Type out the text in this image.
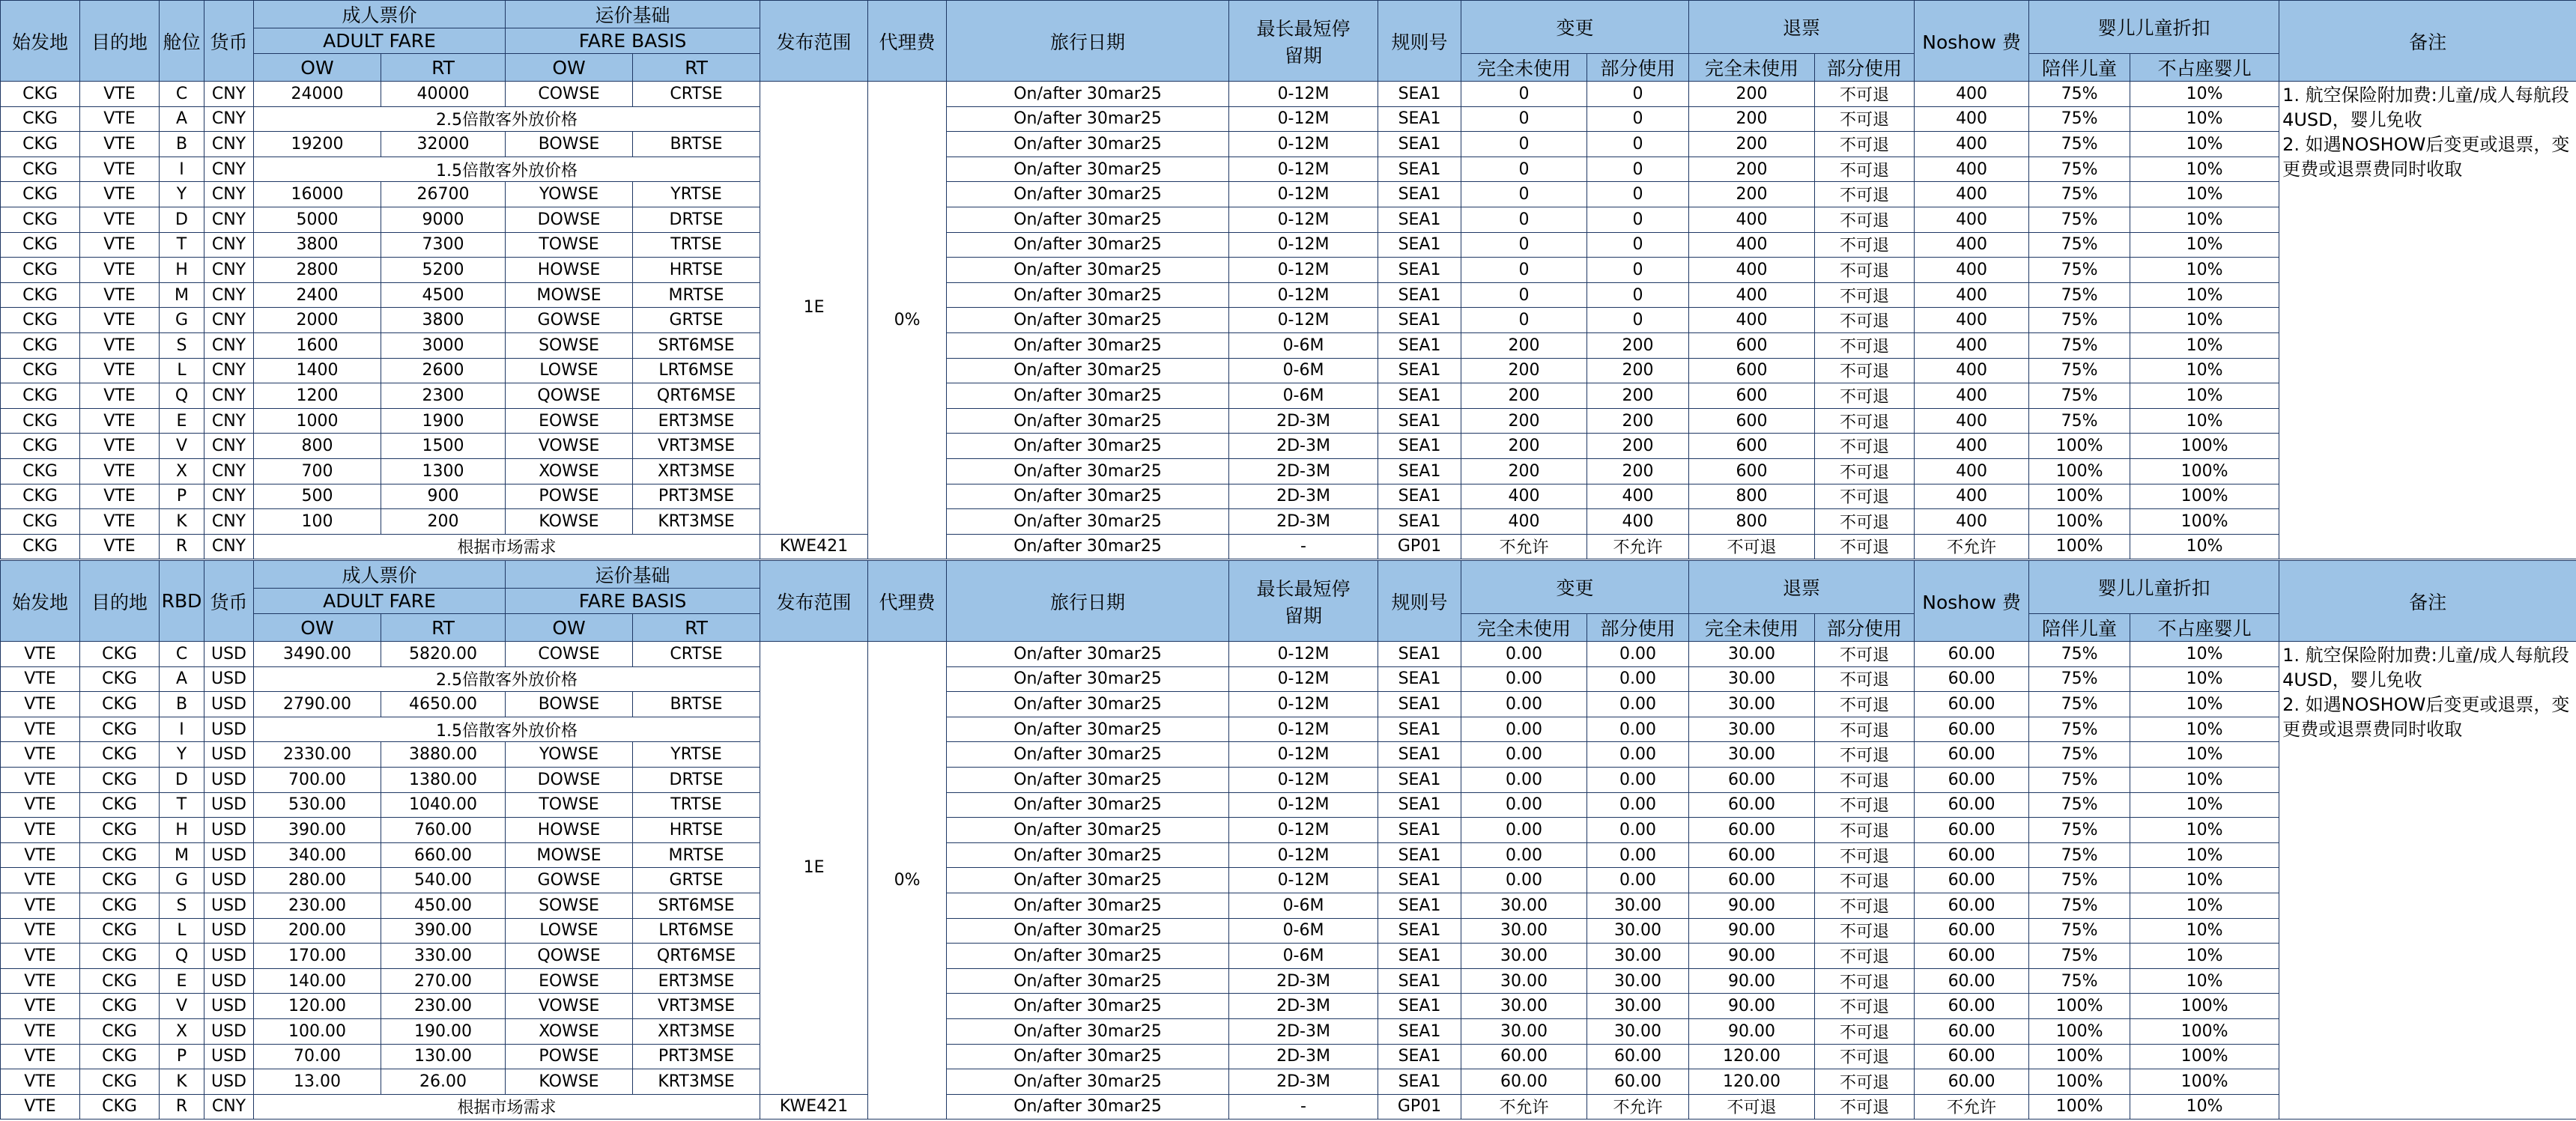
始发地	目的地	舱位	货币	成人票价		运价基础		发布范围	代理费	旅行日期	最长最短停
留期	规则号	变更		退票		Noshow 费	婴儿儿童折扣		备注
				ADULT FARE		FARE BASIS														
				OW	RT	OW	RT						完全未使用	部分使用	完全未使用	部分使用		陪伴儿童	不占座婴儿	
CKG	VTE	C	CNY	24000	40000	COWSE	CRTSE	1E	0%	On/after 30mar25	0-12M	SEA1	0	0	200	不可退	400	75%	10%	1. 航空保险附加费:儿童/成人每航段4USD，婴儿免收
2. 如遇NOSHOW后变更或退票，变更费或退票费同时收取
CKG	VTE	A	CNY	2.5倍散客外放价格						On/after 30mar25	0-12M	SEA1	0	0	200	不可退	400	75%	10%	
CKG	VTE	B	CNY	19200	32000	BOWSE	BRTSE			On/after 30mar25	0-12M	SEA1	0	0	200	不可退	400	75%	10%	
CKG	VTE	I	CNY	1.5倍散客外放价格						On/after 30mar25	0-12M	SEA1	0	0	200	不可退	400	75%	10%	
CKG	VTE	Y	CNY	16000	26700	YOWSE	YRTSE			On/after 30mar25	0-12M	SEA1	0	0	200	不可退	400	75%	10%	
CKG	VTE	D	CNY	5000	9000	DOWSE	DRTSE			On/after 30mar25	0-12M	SEA1	0	0	400	不可退	400	75%	10%	
CKG	VTE	T	CNY	3800	7300	TOWSE	TRTSE			On/after 30mar25	0-12M	SEA1	0	0	400	不可退	400	75%	10%	
CKG	VTE	H	CNY	2800	5200	HOWSE	HRTSE			On/after 30mar25	0-12M	SEA1	0	0	400	不可退	400	75%	10%	
CKG	VTE	M	CNY	2400	4500	MOWSE	MRTSE			On/after 30mar25	0-12M	SEA1	0	0	400	不可退	400	75%	10%	
CKG	VTE	G	CNY	2000	3800	GOWSE	GRTSE			On/after 30mar25	0-12M	SEA1	0	0	400	不可退	400	75%	10%	
CKG	VTE	S	CNY	1600	3000	SOWSE	SRT6MSE			On/after 30mar25	0-6M	SEA1	200	200	600	不可退	400	75%	10%	
CKG	VTE	L	CNY	1400	2600	LOWSE	LRT6MSE			On/after 30mar25	0-6M	SEA1	200	200	600	不可退	400	75%	10%	
CKG	VTE	Q	CNY	1200	2300	QOWSE	QRT6MSE			On/after 30mar25	0-6M	SEA1	200	200	600	不可退	400	75%	10%	
CKG	VTE	E	CNY	1000	1900	EOWSE	ERT3MSE			On/after 30mar25	2D-3M	SEA1	200	200	600	不可退	400	75%	10%	
CKG	VTE	V	CNY	800	1500	VOWSE	VRT3MSE			On/after 30mar25	2D-3M	SEA1	200	200	600	不可退	400	100%	100%	
CKG	VTE	X	CNY	700	1300	XOWSE	XRT3MSE			On/after 30mar25	2D-3M	SEA1	200	200	600	不可退	400	100%	100%	
CKG	VTE	P	CNY	500	900	POWSE	PRT3MSE			On/after 30mar25	2D-3M	SEA1	400	400	800	不可退	400	100%	100%	
CKG	VTE	K	CNY	100	200	KOWSE	KRT3MSE			On/after 30mar25	2D-3M	SEA1	400	400	800	不可退	400	100%	100%	
CKG	VTE	R	CNY	根据市场需求				KWE421		On/after 30mar25	-	GP01	不允许	不允许	不可退	不可退	不允许	100%	10%	
始发地	目的地	RBD	货币	成人票价		运价基础		发布范围	代理费	旅行日期	最长最短停
留期	规则号	变更		退票		Noshow 费	婴儿儿童折扣		备注
				ADULT FARE		FARE BASIS														
				OW	RT	OW	RT						完全未使用	部分使用	完全未使用	部分使用		陪伴儿童	不占座婴儿	
VTE	CKG	C	USD	3490.00	5820.00	COWSE	CRTSE	1E	0%	On/after 30mar25	0-12M	SEA1	0.00	0.00	30.00	不可退	60.00	75%	10%	1. 航空保险附加费:儿童/成人每航段4USD，婴儿免收
2. 如遇NOSHOW后变更或退票，变更费或退票费同时收取
VTE	CKG	A	USD	2.5倍散客外放价格						On/after 30mar25	0-12M	SEA1	0.00	0.00	30.00	不可退	60.00	75%	10%	
VTE	CKG	B	USD	2790.00	4650.00	BOWSE	BRTSE			On/after 30mar25	0-12M	SEA1	0.00	0.00	30.00	不可退	60.00	75%	10%	
VTE	CKG	I	USD	1.5倍散客外放价格						On/after 30mar25	0-12M	SEA1	0.00	0.00	30.00	不可退	60.00	75%	10%	
VTE	CKG	Y	USD	2330.00	3880.00	YOWSE	YRTSE			On/after 30mar25	0-12M	SEA1	0.00	0.00	30.00	不可退	60.00	75%	10%	
VTE	CKG	D	USD	700.00	1380.00	DOWSE	DRTSE			On/after 30mar25	0-12M	SEA1	0.00	0.00	60.00	不可退	60.00	75%	10%	
VTE	CKG	T	USD	530.00	1040.00	TOWSE	TRTSE			On/after 30mar25	0-12M	SEA1	0.00	0.00	60.00	不可退	60.00	75%	10%	
VTE	CKG	H	USD	390.00	760.00	HOWSE	HRTSE			On/after 30mar25	0-12M	SEA1	0.00	0.00	60.00	不可退	60.00	75%	10%	
VTE	CKG	M	USD	340.00	660.00	MOWSE	MRTSE			On/after 30mar25	0-12M	SEA1	0.00	0.00	60.00	不可退	60.00	75%	10%	
VTE	CKG	G	USD	280.00	540.00	GOWSE	GRTSE			On/after 30mar25	0-12M	SEA1	0.00	0.00	60.00	不可退	60.00	75%	10%	
VTE	CKG	S	USD	230.00	450.00	SOWSE	SRT6MSE			On/after 30mar25	0-6M	SEA1	30.00	30.00	90.00	不可退	60.00	75%	10%	
VTE	CKG	L	USD	200.00	390.00	LOWSE	LRT6MSE			On/after 30mar25	0-6M	SEA1	30.00	30.00	90.00	不可退	60.00	75%	10%	
VTE	CKG	Q	USD	170.00	330.00	QOWSE	QRT6MSE			On/after 30mar25	0-6M	SEA1	30.00	30.00	90.00	不可退	60.00	75%	10%	
VTE	CKG	E	USD	140.00	270.00	EOWSE	ERT3MSE			On/after 30mar25	2D-3M	SEA1	30.00	30.00	90.00	不可退	60.00	75%	10%	
VTE	CKG	V	USD	120.00	230.00	VOWSE	VRT3MSE			On/after 30mar25	2D-3M	SEA1	30.00	30.00	90.00	不可退	60.00	100%	100%	
VTE	CKG	X	USD	100.00	190.00	XOWSE	XRT3MSE			On/after 30mar25	2D-3M	SEA1	30.00	30.00	90.00	不可退	60.00	100%	100%	
VTE	CKG	P	USD	70.00	130.00	POWSE	PRT3MSE			On/after 30mar25	2D-3M	SEA1	60.00	60.00	120.00	不可退	60.00	100%	100%	
VTE	CKG	K	USD	13.00	26.00	KOWSE	KRT3MSE			On/after 30mar25	2D-3M	SEA1	60.00	60.00	120.00	不可退	60.00	100%	100%	
VTE	CKG	R	CNY	根据市场需求				KWE421		On/after 30mar25	-	GP01	不允许	不允许	不可退	不可退	不允许	100%	10%	
